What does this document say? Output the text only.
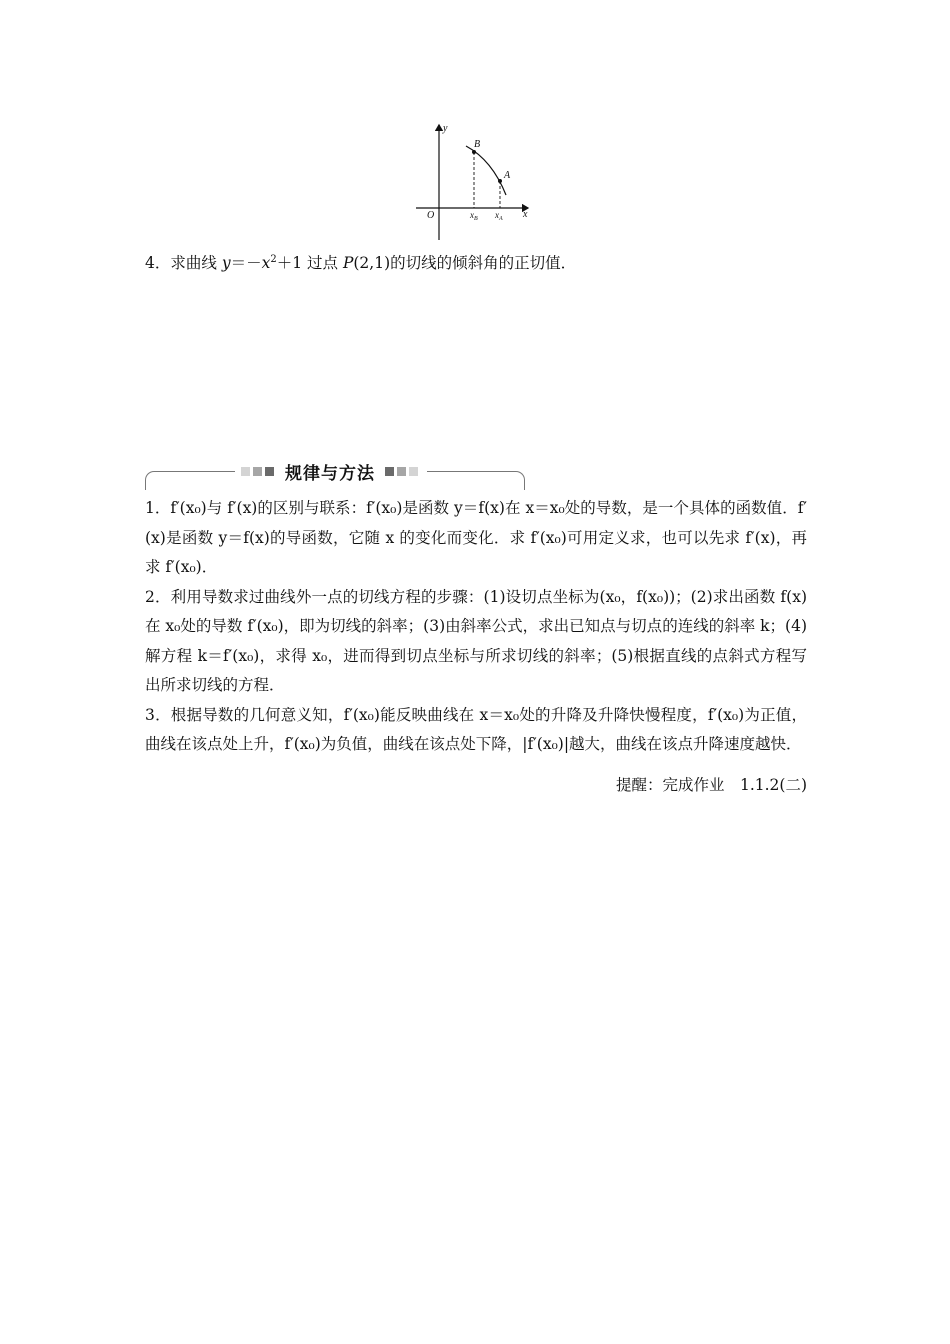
y
x
O
B
A
$x_B$ $x_A$
4．求曲线 $y=-x^2+1$ 过点 P(2,1)的切线的倾斜角的正切值．
规律与方法

1．f′(x₀)与 f′(x)的区别与联系：f′(x₀)是函数 y＝f(x)在 x＝x₀处的导数，是一个具体的函数值．f′(x)是函数 y＝f(x)的导函数，它随 x 的变化而变化．求 f′(x₀)可用定义求，也可以先求 f′(x)，再求 f′(x₀)．

2．利用导数求过曲线外一点的切线方程的步骤：(1)设切点坐标为(x₀，f(x₀))；(2)求出函数 f(x)在 x₀处的导数 f′(x₀)，即为切线的斜率；(3)由斜率公式，求出已知点与切点的连线的斜率 k；(4)解方程 k＝f′(x₀)，求得 x₀，进而得到切点坐标与所求切线的斜率；(5)根据直线的点斜式方程写出所求切线的方程．

3．根据导数的几何意义知，f′(x₀)能反映曲线在 x＝x₀处的升降及升降快慢程度，f′(x₀)为正值，曲线在该点处上升，f′(x₀)为负值，曲线在该点处下降，|f′(x₀)|越大，曲线在该点升降速度越快．

提醒：完成作业　1.1.2(二)
